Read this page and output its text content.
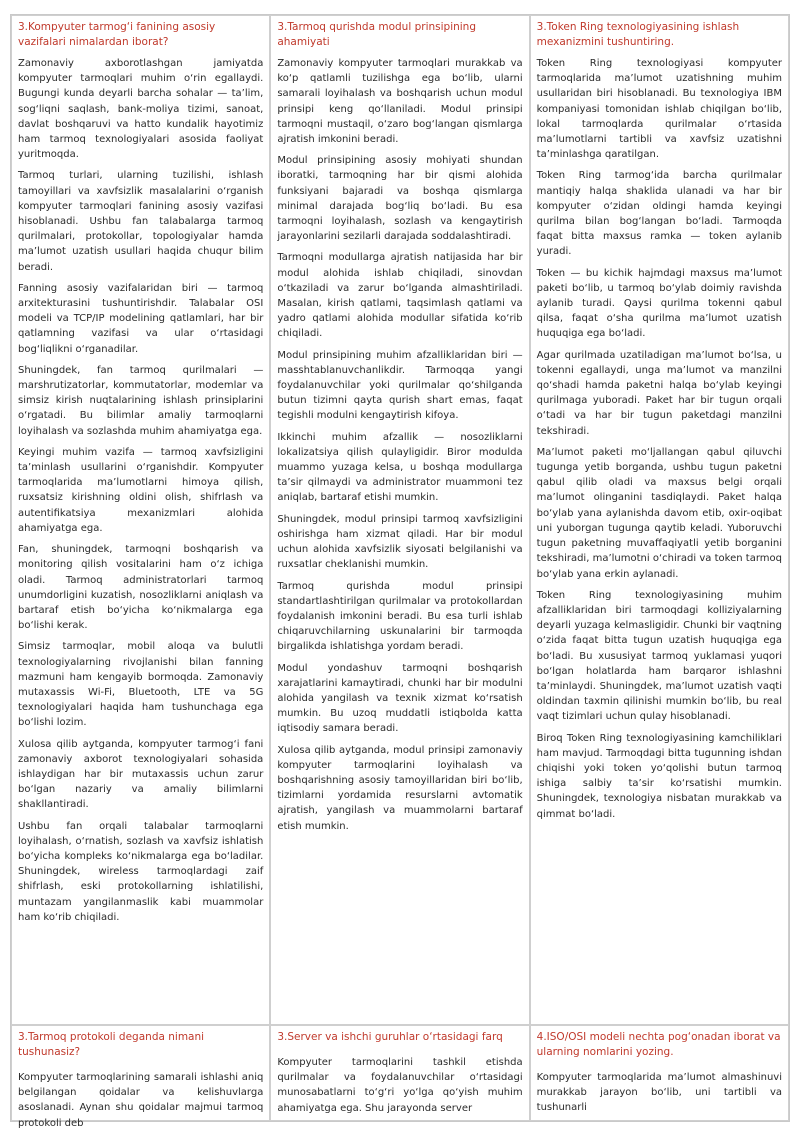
3.Kompyuter tarmog‘i fanining asosiy vazifalari nimalardan iborat?

Zamonaviy axborotlashgan jamiyatda kompyuter tarmoqlari muhim o‘rin egallaydi. Bugungi kunda deyarli barcha sohalar — ta’lim, sog‘liqni saqlash, bank-moliya tizimi, sanoat, davlat boshqaruvi va hatto kundalik hayotimiz ham tarmoq texnologiyalari asosida faoliyat yuritmoqda.

Tarmoq turlari, ularning tuzilishi, ishlash tamoyillari va xavfsizlik masalalarini o‘rganish kompyuter tarmoqlari fanining asosiy vazifasi hisoblanadi. Ushbu fan talabalarga tarmoq qurilmalari, protokollar, topologiyalar hamda ma’lumot uzatish usullari haqida chuqur bilim beradi.

Fanning asosiy vazifalaridan biri — tarmoq arxitekturasini tushuntirishdir. Talabalar OSI modeli va TCP/IP modelining qatlamlari, har bir qatlamning vazifasi va ular o‘rtasidagi bog‘liqlikni o‘rganadilar.

Shuningdek, fan tarmoq qurilmalari — marshrutizatorlar, kommutatorlar, modemlar va simsiz kirish nuqtalarining ishlash prinsiplarini o‘rgatadi. Bu bilimlar amaliy tarmoqlarni loyihalash va sozlashda muhim ahamiyatga ega.

Keyingi muhim vazifa — tarmoq xavfsizligini ta’minlash usullarini o‘rganishdir. Kompyuter tarmoqlarida ma’lumotlarni himoya qilish, ruxsatsiz kirishning oldini olish, shifrlash va autentifikatsiya mexanizmlari alohida ahamiyatga ega.

Fan, shuningdek, tarmoqni boshqarish va monitoring qilish vositalarini ham o‘z ichiga oladi. Tarmoq administratorlari tarmoq unumdorligini kuzatish, nosozliklarni aniqlash va bartaraf etish bo‘yicha ko‘nikmalarga ega bo‘lishi kerak.

Simsiz tarmoqlar, mobil aloqa va bulutli texnologiyalarning rivojlanishi bilan fanning mazmuni ham kengayib bormoqda. Zamonaviy mutaxassis Wi-Fi, Bluetooth, LTE va 5G texnologiyalari haqida ham tushunchaga ega bo‘lishi lozim.

Xulosa qilib aytganda, kompyuter tarmog‘i fani zamonaviy axborot texnologiyalari sohasida ishlaydigan har bir mutaxassis uchun zarur bo‘lgan nazariy va amaliy bilimlarni shakllantiradi.

Ushbu fan orqali talabalar tarmoqlarni loyihalash, o‘rnatish, sozlash va xavfsiz ishlatish bo‘yicha kompleks ko‘nikmalarga ega bo‘ladilar. Shuningdek, wireless tarmoqlardagi zaif shifrlash, eski protokollarning ishlatilishi, muntazam yangilanmaslik kabi muammolar ham ko‘rib chiqiladi.

3.Tarmoq qurishda modul prinsipining ahamiyati

Zamonaviy kompyuter tarmoqlari murakkab va ko‘p qatlamli tuzilishga ega bo‘lib, ularni samarali loyihalash va boshqarish uchun modul prinsipi keng qo‘llaniladi. Modul prinsipi tarmoqni mustaqil, o‘zaro bog‘langan qismlarga ajratish imkonini beradi.

Modul prinsipining asosiy mohiyati shundan iboratki, tarmoqning har bir qismi alohida funksiyani bajaradi va boshqa qismlarga minimal darajada bog‘liq bo‘ladi. Bu esa tarmoqni loyihalash, sozlash va kengaytirish jarayonlarini sezilarli darajada soddalashtiradi.

Tarmoqni modullarga ajratish natijasida har bir modul alohida ishlab chiqiladi, sinovdan o‘tkaziladi va zarur bo‘lganda almashtiriladi. Masalan, kirish qatlami, taqsimlash qatlami va yadro qatlami alohida modullar sifatida ko‘rib chiqiladi.

Modul prinsipining muhim afzalliklaridan biri — masshtablanuvchanlikdir. Tarmoqqa yangi foydalanuvchilar yoki qurilmalar qo‘shilganda butun tizimni qayta qurish shart emas, faqat tegishli modulni kengaytirish kifoya.

Ikkinchi muhim afzallik — nosozliklarni lokalizatsiya qilish qulayligidir. Biror modulda muammo yuzaga kelsa, u boshqa modullarga ta’sir qilmaydi va administrator muammoni tez aniqlab, bartaraf etishi mumkin.

Shuningdek, modul prinsipi tarmoq xavfsizligini oshirishga ham xizmat qiladi. Har bir modul uchun alohida xavfsizlik siyosati belgilanishi va ruxsatlar cheklanishi mumkin.

Tarmoq qurishda modul prinsipi standartlashtirilgan qurilmalar va protokollardan foydalanish imkonini beradi. Bu esa turli ishlab chiqaruvchilarning uskunalarini bir tarmoqda birgalikda ishlatishga yordam beradi.

Modul yondashuv tarmoqni boshqarish xarajatlarini kamaytiradi, chunki har bir modulni alohida yangilash va texnik xizmat ko‘rsatish mumkin. Bu uzoq muddatli istiqbolda katta iqtisodiy samara beradi.

Xulosa qilib aytganda, modul prinsipi zamonaviy kompyuter tarmoqlarini loyihalash va boshqarishning asosiy tamoyillaridan biri bo‘lib, tizimlarni yordamida resurslarni avtomatik ajratish, yangilash va muammolarni bartaraf etish mumkin.

3.Token Ring texnologiyasining ishlash mexanizmini tushuntiring.

Token Ring texnologiyasi kompyuter tarmoqlarida ma’lumot uzatishning muhim usullaridan biri hisoblanadi. Bu texnologiya IBM kompaniyasi tomonidan ishlab chiqilgan bo‘lib, lokal tarmoqlarda qurilmalar o‘rtasida ma’lumotlarni tartibli va xavfsiz uzatishni ta’minlashga qaratilgan.

Token Ring tarmog‘ida barcha qurilmalar mantiqiy halqa shaklida ulanadi va har bir kompyuter o‘zidan oldingi hamda keyingi qurilma bilan bog‘langan bo‘ladi. Tarmoqda faqat bitta maxsus ramka — token aylanib yuradi.

Token — bu kichik hajmdagi maxsus ma’lumot paketi bo‘lib, u tarmoq bo‘ylab doimiy ravishda aylanib turadi. Qaysi qurilma tokenni qabul qilsa, faqat o‘sha qurilma ma’lumot uzatish huquqiga ega bo‘ladi.

Agar qurilmada uzatiladigan ma’lumot bo‘lsa, u tokenni egallaydi, unga ma’lumot va manzilni qo‘shadi hamda paketni halqa bo‘ylab keyingi qurilmaga yuboradi. Paket har bir tugun orqali o‘tadi va har bir tugun paketdagi manzilni tekshiradi.

Ma’lumot paketi mo‘ljallangan qabul qiluvchi tugunga yetib borganda, ushbu tugun paketni qabul qilib oladi va maxsus belgi orqali ma’lumot olinganini tasdiqlaydi. Paket halqa bo‘ylab yana aylanishda davom etib, oxir-oqibat uni yuborgan tugunga qaytib keladi. Yuboruvchi tugun paketning muvaffaqiyatli yetib borganini tekshiradi, ma’lumotni o‘chiradi va token tarmoq bo‘ylab yana erkin aylanadi.

Token Ring texnologiyasining muhim afzalliklaridan biri tarmoqdagi kolliziyalarning deyarli yuzaga kelmasligidir. Chunki bir vaqtning o‘zida faqat bitta tugun uzatish huquqiga ega bo‘ladi. Bu xususiyat tarmoq yuklamasi yuqori bo‘lgan holatlarda ham barqaror ishlashni ta’minlaydi. Shuningdek, ma’lumot uzatish vaqti oldindan taxmin qilinishi mumkin bo‘lib, bu real vaqt tizimlari uchun qulay hisoblanadi.

Biroq Token Ring texnologiyasining kamchiliklari ham mavjud. Tarmoqdagi bitta tugunning ishdan chiqishi yoki token yo‘qolishi butun tarmoq ishiga salbiy ta’sir ko‘rsatishi mumkin. Shuningdek, texnologiya nisbatan murakkab va qimmat bo‘ladi.

3.Tarmoq protokoli deganda nimani tushunasiz?

Kompyuter tarmoqlarining samarali ishlashi aniq belgilangan qoidalar va kelishuvlarga asoslanadi. Aynan shu qoidalar majmui tarmoq protokoli deb

3.Server va ishchi guruhlar o‘rtasidagi farq

Kompyuter tarmoqlarini tashkil etishda qurilmalar va foydalanuvchilar o‘rtasidagi munosabatlarni to‘g‘ri yo‘lga qo‘yish muhim ahamiyatga ega. Shu jarayonda server

4.ISO/OSI modeli nechta pog‘onadan iborat va ularning nomlarini yozing.

Kompyuter tarmoqlarida ma’lumot almashinuvi murakkab jarayon bo‘lib, uni tartibli va tushunarli
